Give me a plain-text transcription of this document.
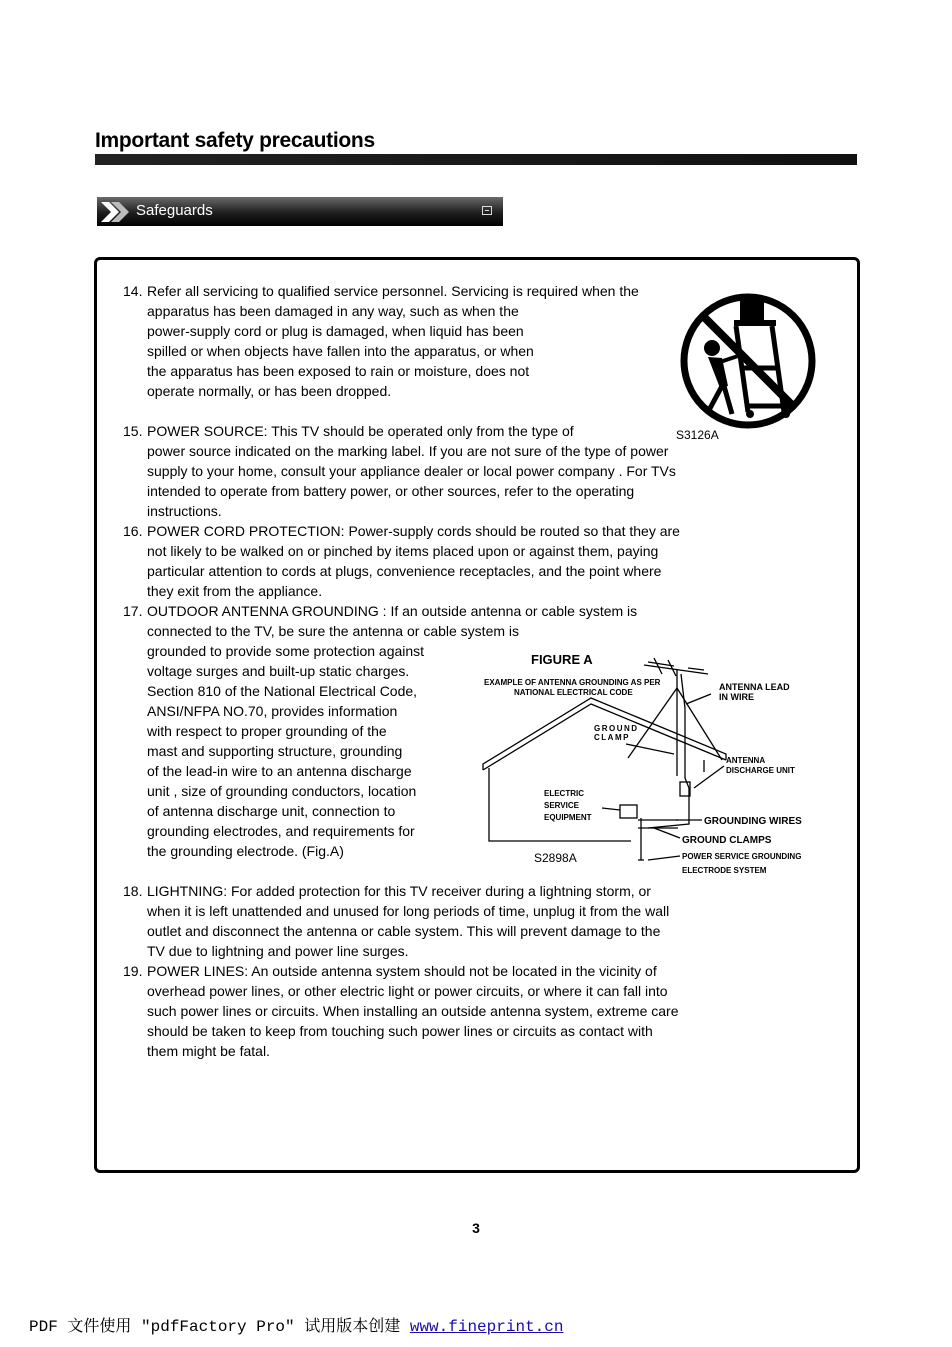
Important safety precautions
Safeguards
14. Refer all servicing to qualified service personnel. Servicing is required when the
apparatus has been damaged in any way, such as when the
power-supply cord or plug is damaged, when liquid has been
spilled or when objects have fallen into the apparatus, or when
the apparatus has been exposed to rain or moisture, does not
operate normally, or has been dropped.
15. POWER SOURCE: This TV should be operated only from the type of
power source indicated on the marking label. If you are not sure of the type of power
supply to your home, consult your appliance dealer or local power company . For TVs
intended to operate from battery power, or other sources, refer to the operating
instructions.
16. POWER CORD PROTECTION: Power-supply cords should be routed so that they are
not likely to be walked on or pinched by items placed upon or against them, paying
particular attention to cords at plugs, convenience receptacles, and the point where
they exit from the appliance.
17. OUTDOOR ANTENNA GROUNDING : If an outside antenna or cable system is
connected to the TV, be sure the antenna or cable system is
grounded to provide some protection against
voltage surges and built-up static charges.
Section 810 of the National Electrical Code,
ANSI/NFPA NO.70, provides information
with respect to proper grounding of the
mast and supporting structure, grounding
of the lead-in wire to an antenna discharge
unit , size of grounding conductors, location
of antenna discharge unit, connection to
grounding electrodes, and requirements for
the grounding electrode. (Fig.A)
18. LIGHTNING: For added protection for this TV receiver during a lightning storm, or
when it is left unattended and unused for long periods of time, unplug it from the wall
outlet and disconnect the antenna or cable system. This will prevent damage to the
TV due to lightning and power line surges.
19. POWER LINES: An outside antenna system should not be located in the vicinity of
overhead power lines, or other electric light or power circuits, or where it can fall into
such power lines or circuits. When installing an outside antenna system, extreme care
should be taken to keep from touching such power lines or circuits as contact with
them might be fatal.
S3126A
FIGURE A
EXAMPLE OF ANTENNA GROUNDING AS PER
NATIONAL ELECTRICAL CODE
ANTENNA LEAD
IN WIRE
GROUND
CLAMP
ANTENNA
DISCHARGE UNIT
ELECTRIC
SERVICE
EQUIPMENT	GROUNDING WIRES
GROUND CLAMPS
POWER SERVICE GROUNDING
ELECTRODE SYSTEM
S2898A
3
PDF 文件使用 "pdfFactory Pro" 试用版本创建 www.fineprint.cn
